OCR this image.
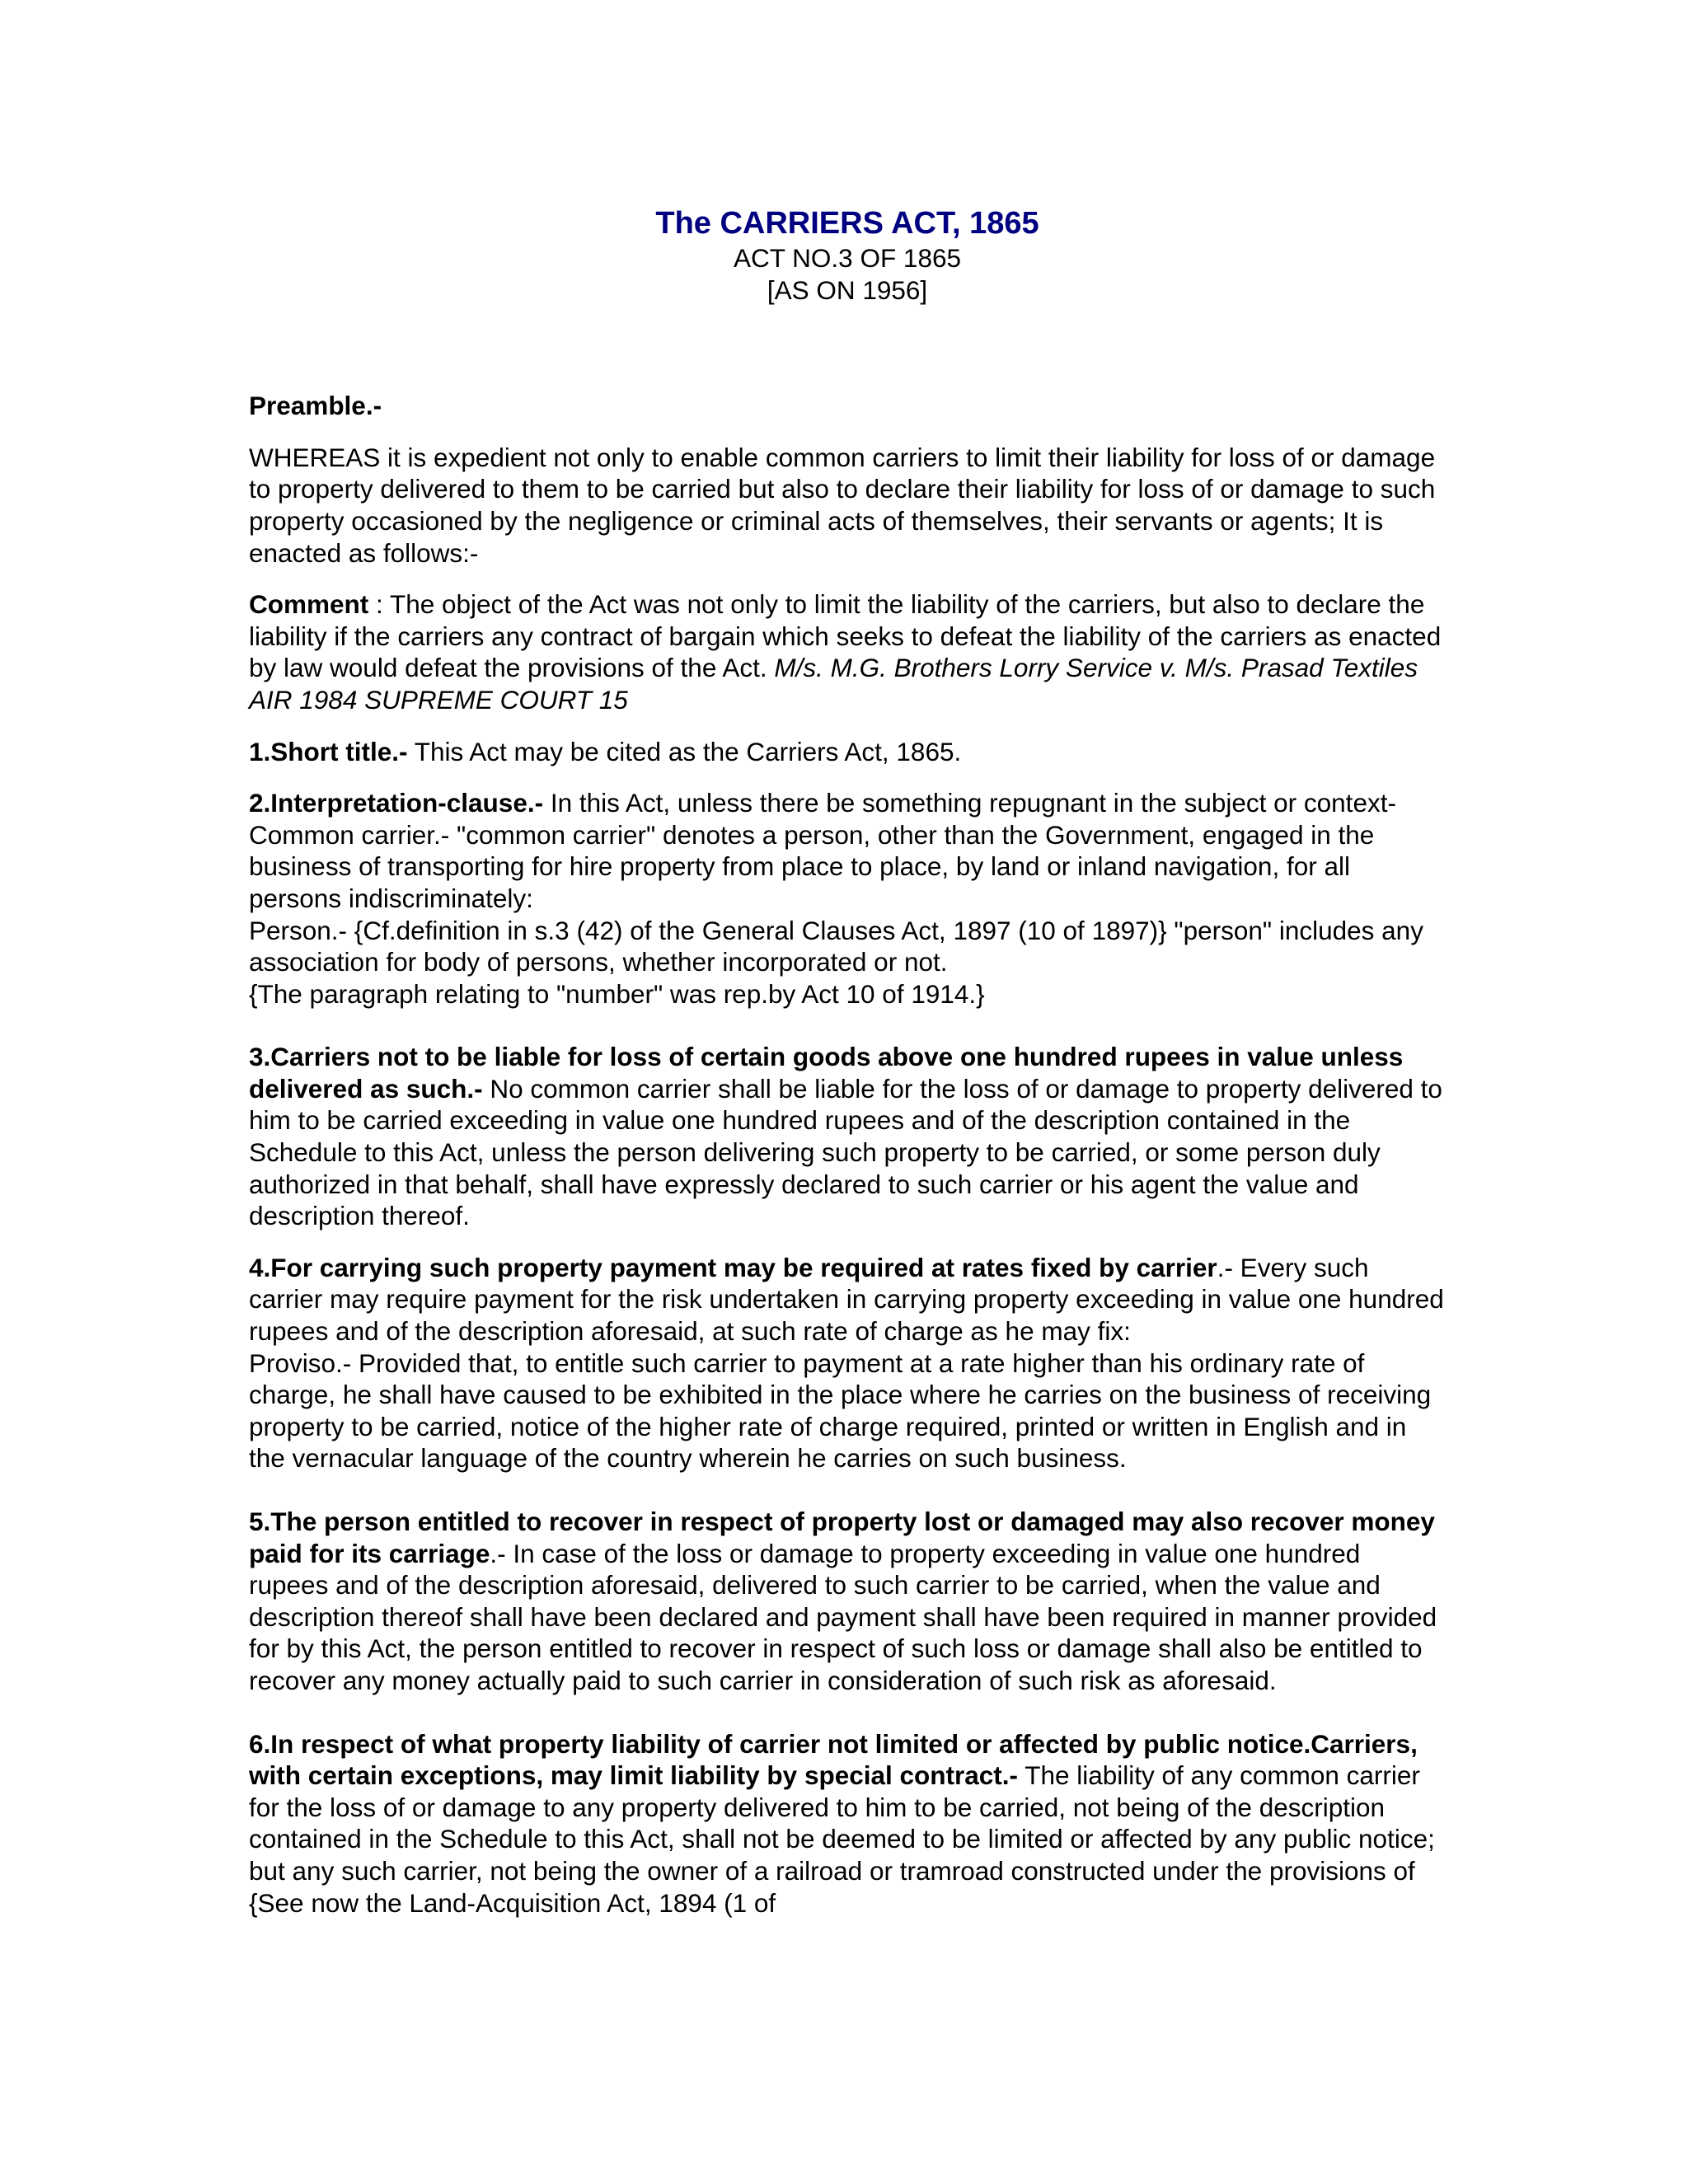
The CARRIERS ACT, 1865
ACT NO.3 OF 1865
[AS ON 1956]

Preamble.-

WHEREAS it is expedient not only to enable common carriers to limit their liability for loss of or damage to property delivered to them to be carried but also to declare their liability for loss of or damage to such property occasioned by the negligence or criminal acts of themselves, their servants or agents; It is enacted as follows:-

Comment : The object of the Act was not only to limit the liability of the carriers, but also to declare the liability if the carriers any contract of bargain which seeks to defeat the liability of the carriers as enacted by law would defeat the provisions of the Act. M/s. M.G. Brothers Lorry Service v. M/s. Prasad Textiles AIR 1984 SUPREME COURT 15

1.Short title.- This Act may be cited as the Carriers Act, 1865.

2.Interpretation-clause.- In this Act, unless there be something repugnant in the subject or context-

Common carrier.- "common carrier" denotes a person, other than the Government, engaged in the business of transporting for hire property from place to place, by land or inland navigation, for all persons indiscriminately:

Person.- {Cf.definition in s.3 (42) of the General Clauses Act, 1897 (10 of 1897)} "person" includes any association for body of persons, whether incorporated or not.

{The paragraph relating to "number" was rep.by Act 10 of 1914.}

3.Carriers not to be liable for loss of certain goods above one hundred rupees in value unless delivered as such.- No common carrier shall be liable for the loss of or damage to property delivered to him to be carried exceeding in value one hundred rupees and of the description contained in the Schedule to this Act, unless the person delivering such property to be carried, or some person duly authorized in that behalf, shall have expressly declared to such carrier or his agent the value and description thereof.

4.For carrying such property payment may be required at rates fixed by carrier.- Every such carrier may require payment for the risk undertaken in carrying property exceeding in value one hundred rupees and of the description aforesaid, at such rate of charge as he may fix:

Proviso.- Provided that, to entitle such carrier to payment at a rate higher than his ordinary rate of charge, he shall have caused to be exhibited in the place where he carries on the business of receiving property to be carried, notice of the higher rate of charge required, printed or written in English and in the vernacular language of the country wherein he carries on such business.

5.The person entitled to recover in respect of property lost or damaged may also recover money paid for its carriage.- In case of the loss or damage to property exceeding in value one hundred rupees and of the description aforesaid, delivered to such carrier to be carried, when the value and description thereof shall have been declared and payment shall have been required in manner provided for by this Act, the person entitled to recover in respect of such loss or damage shall also be entitled to recover any money actually paid to such carrier in consideration of such risk as aforesaid.

6.In respect of what property liability of carrier not limited or affected by public notice.Carriers, with certain exceptions, may limit liability by special contract.- The liability of any common carrier for the loss of or damage to any property delivered to him to be carried, not being of the description contained in the Schedule to this Act, shall not be deemed to be limited or affected by any public notice; but any such carrier, not being the owner of a railroad or tramroad constructed under the provisions of {See now the Land-Acquisition Act, 1894 (1 of
